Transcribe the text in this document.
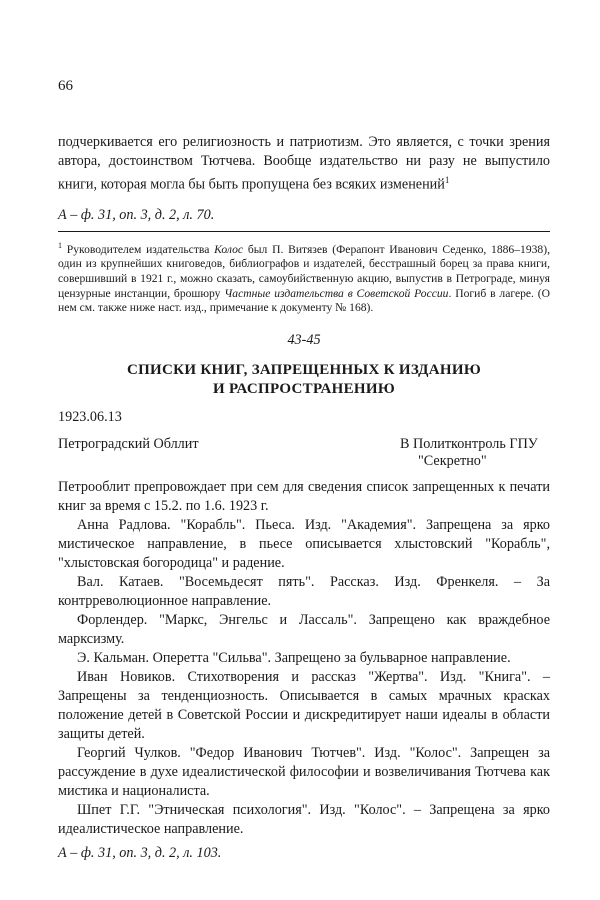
66

подчеркивается его религиозность и патриотизм. Это является, с точки зрения автора, достоинством Тютчева. Вообще издательство ни разу не выпустило книги, которая могла бы быть пропущена без всяких изменений$^1$

А – ф. 31, оп. 3, д. 2, л. 70.

$^1$ Руководителем издательства Колос был П. Витязев (Ферапонт Иванович Седенко, 1886–1938), один из крупнейших книговедов, библиографов и издателей, бесстрашный борец за права книги, совершивший в 1921 г., можно сказать, самоубийственную акцию, выпустив в Петрограде, минуя цензурные инстанции, брошюру Частные издательства в Советской России. Погиб в лагере. (О нем см. также ниже наст. изд., примечание к документу № 168).

43-45
СПИСКИ КНИГ, ЗАПРЕЩЕННЫХ К ИЗДАНИЮ
И РАСПРОСТРАНЕНИЮ
1923.06.13
Петроградский Обллит	В Политконтроль ГПУ
"Секретно"

Петрооблит препровождает при сем для сведения список запрещенных к печати книг за время с 15.2. по 1.6. 1923 г.

Анна Радлова. "Корабль". Пьеса. Изд. "Академия". Запрещена за ярко мистическое направление, в пьесе описывается хлыстовский "Корабль", "хлыстовская богородица" и радение.

Вал. Катаев. "Восемьдесят пять". Рассказ. Изд. Френкеля. – За контрреволюционное направление.

Форлендер. "Маркс, Энгельс и Лассаль". Запрещено как враждебное марксизму.

Э. Кальман. Оперетта "Сильва". Запрещено за бульварное направление.

Иван Новиков. Стихотворения и рассказ "Жертва". Изд. "Книга". – Запрещены за тенденциозность. Описывается в самых мрачных красках положение детей в Советской России и дискредитирует наши идеалы в области защиты детей.

Георгий Чулков. "Федор Иванович Тютчев". Изд. "Колос". Запрещен за рассуждение в духе идеалистической философии и возвеличивания Тютчева как мистика и националиста.

Шпет Г.Г. "Этническая психология". Изд. "Колос". – Запрещена за ярко идеалистическое направление.

А – ф. 31, оп. 3, д. 2, л. 103.
